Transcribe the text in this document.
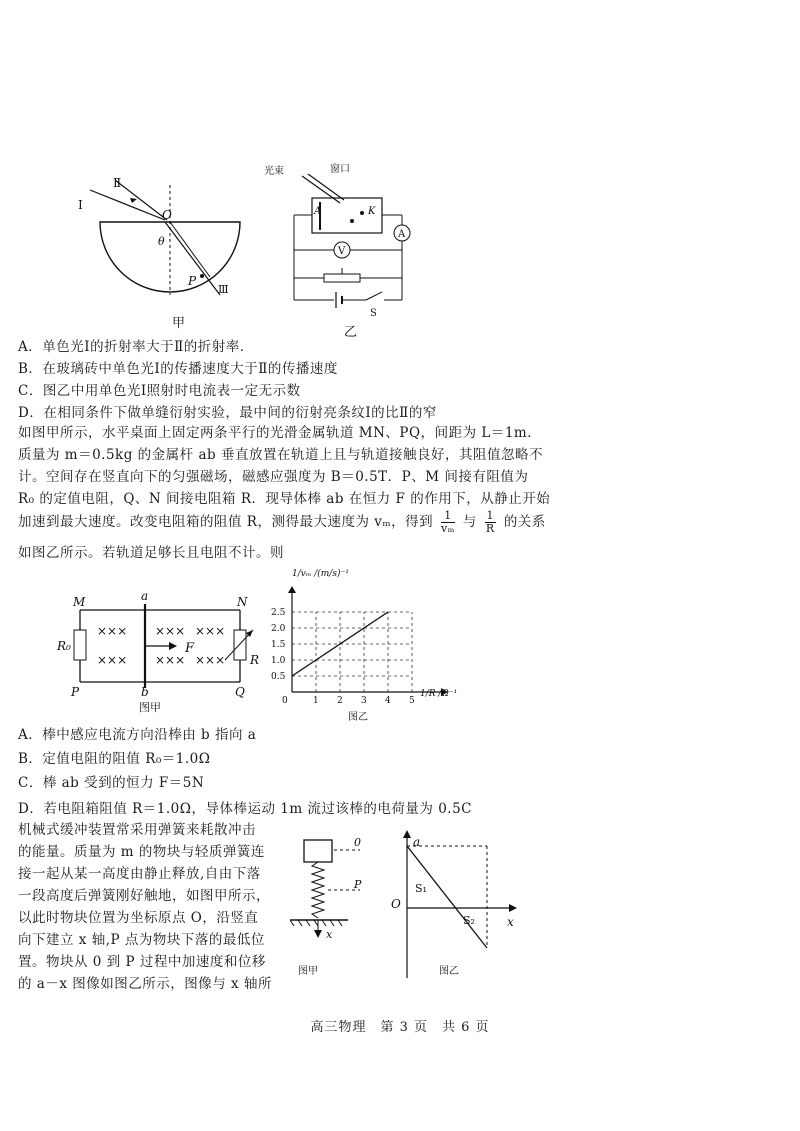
Ⅰ
Ⅱ
O
θ
P
Ⅲ
甲
光束	窗口
A	K
A
V
S
乙
A．单色光Ⅰ的折射率大于Ⅱ的折射率．
B．在玻璃砖中单色光Ⅰ的传播速度大于Ⅱ的传播速度
C．图乙中用单色光Ⅰ照射时电流表一定无示数
D．在相同条件下做单缝衍射实验，最中间的衍射亮条纹Ⅰ的比Ⅱ的窄
如图甲所示，水平桌面上固定两条平行的光滑金属轨道 MN、PQ，间距为 L＝1m．
质量为 m＝0.5kg 的金属杆 ab 垂直放置在轨道上且与轨道接触良好，其阻值忽略不
计。空间存在竖直向下的匀强磁场，磁感应强度为 B＝0.5T．P、M 间接有阻值为
R₀ 的定值电阻，Q、N 间接电阻箱 R．现导体棒 ab 在恒力 F 的作用下，从静止开始
加速到最大速度。改变电阻箱的阻值 R，测得最大速度为 vₘ，得到 $\frac{1}{\text{vₘ}}$ 与 $\frac{1}{R}$ 的关系
如图乙所示。若轨道足够长且电阻不计。则
M	a	N
R₀	F
R
P	b	Q
×××
×××
××× ×××
××× ×××
图甲	1 2 3 4 5
0.5
1.0
1.5
2.0
2.5
0
1/vₘ /(m/s)⁻¹
1/R /Ω⁻¹
图乙
A．棒中感应电流方向沿棒由 b 指向 a
B．定值电阻的阻值 R₀＝1.0Ω
C．棒 ab 受到的恒力 F＝5N
D．若电阻箱阻值 R＝1.0Ω，导体棒运动 1m 流过该棒的电荷量为 0.5C
机械式缓冲装置常采用弹簧来耗散冲击
的能量。质量为 m 的物块与轻质弹簧连
接一起从某一高度由静止释放,自由下落
一段高度后弹簧刚好触地，如图甲所示，
以此时物块位置为坐标原点 O，沿竖直
向下建立 x 轴,P 点为物块下落的最低位
置。物块从 0 到 P 过程中加速度和位移
的 a－x 图像如图乙所示，图像与 x 轴所
0
P
x
图甲
a
O
x
S₁
S₂
图乙
高三物理　第 3 页　共 6 页
